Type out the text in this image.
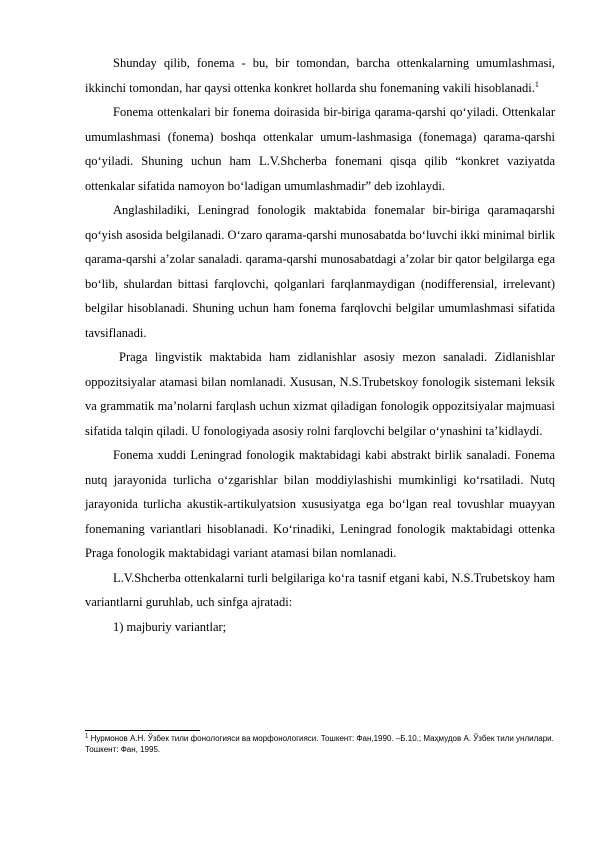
Shunday qilib, fonema - bu, bir tomondan, barcha ottenkalarning umumlashmasi, ikkinchi tomondan, har qaysi ottenka konkret hollarda shu fonemaning vakili hisoblanadi.$^1$

Fonema ottenkalari bir fonema doirasida bir-biriga qarama-qarshi qo‘yiladi. Ottenkalar umumlashmasi (fonema) boshqa ottenkalar umum-lashmasiga (fonemaga) qarama-qarshi qo‘yiladi. Shuning uchun ham L.V.Shcherba fonemani qisqa qilib “konkret vaziyatda ottenkalar sifatida namoyon bo‘ladigan umumlashmadir” deb izohlaydi.

Anglashiladiki, Leningrad fonologik maktabida fonemalar bir-biriga qaramaqarshi qo‘yish asosida belgilanadi. O‘zaro qarama-qarshi munosabatda bo‘luvchi ikki minimal birlik qarama-qarshi a’zolar sanaladi. qarama-qarshi munosabatdagi a’zolar bir qator belgilarga ega bo‘lib, shulardan bittasi farqlovchi, qolganlari farqlanmaydigan (nodifferensial, irrelevant) belgilar hisoblanadi. Shuning uchun ham fonema farqlovchi belgilar umumlashmasi sifatida tavsiflanadi.

Praga lingvistik maktabida ham zidlanishlar asosiy mezon sanaladi. Zidlanishlar oppozitsiyalar atamasi bilan nomlanadi. Xususan, N.S.Trubetskoy fonologik sistemani leksik va grammatik ma’nolarni farqlash uchun xizmat qiladigan fonologik oppozitsiyalar majmuasi sifatida talqin qiladi. U fonologiyada asosiy rolni farqlovchi belgilar o‘ynashini ta’kidlaydi.

Fonema xuddi Leningrad fonologik maktabidagi kabi abstrakt birlik sanaladi. Fonema nutq jarayonida turlicha o‘zgarishlar bilan moddiylashishi mumkinligi ko‘rsatiladi. Nutq jarayonida turlicha akustik-artikulyatsion xususiyatga ega bo‘lgan real tovushlar muayyan fonemaning variantlari hisoblanadi. Ko‘rinadiki, Leningrad fonologik maktabidagi ottenka Praga fonologik maktabidagi variant atamasi bilan nomlanadi.

L.V.Shcherba ottenkalarni turli belgilariga ko‘ra tasnif etgani kabi, N.S.Trubetskoy ham variantlarni guruhlab, uch sinfga ajratadi:

1) majburiy variantlar;

$^1$ Нурмонов А.Н. Ўзбек тили фонологияси ва морфонологияси. Тошкент: Фан,1990. –Б.10.; Маҳмудов А. Ўзбек тили унлилари. Тошкент: Фан, 1995.
